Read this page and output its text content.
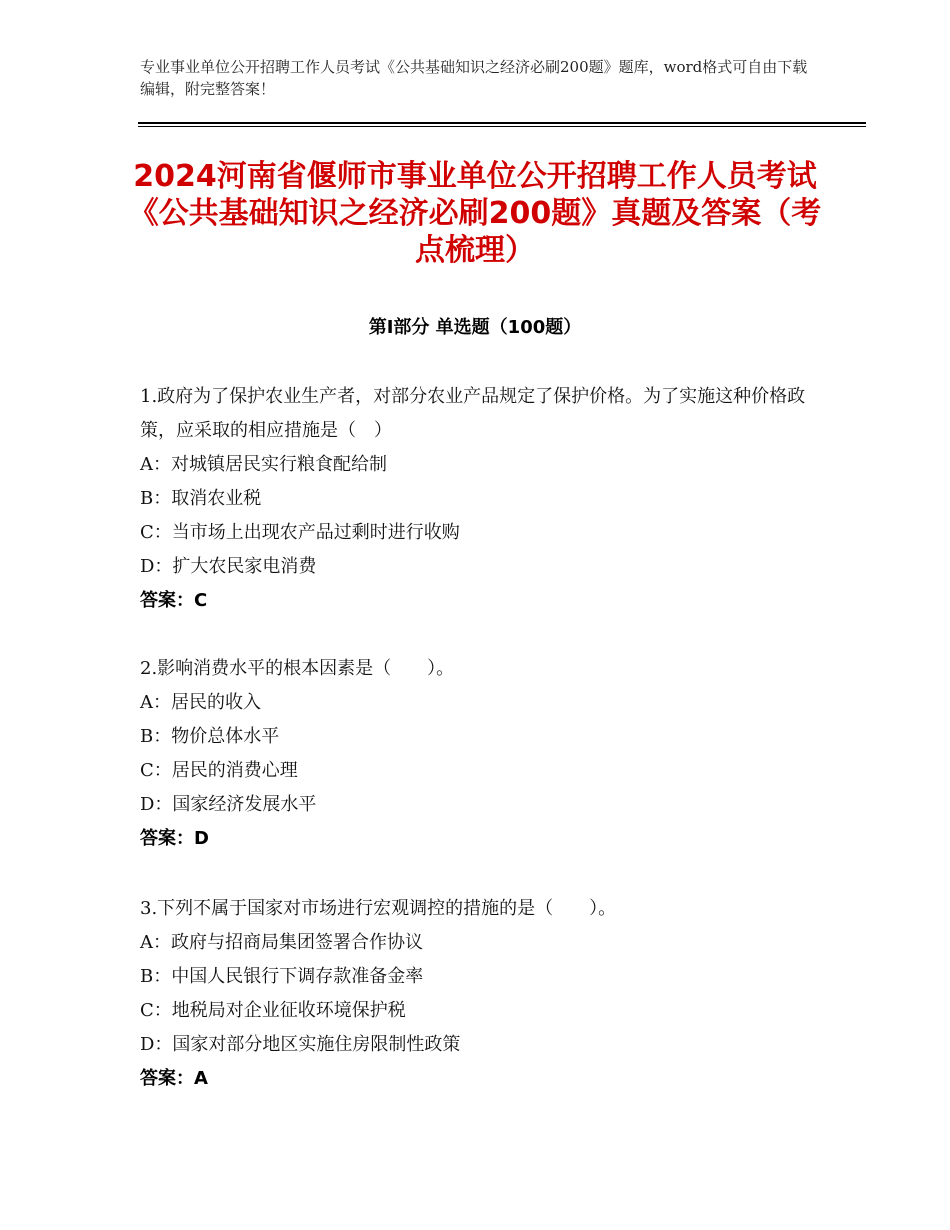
专业事业单位公开招聘工作人员考试《公共基础知识之经济必刷200题》题库，word格式可自由下载编辑，附完整答案！
2024河南省偃师市事业单位公开招聘工作人员考试《公共基础知识之经济必刷200题》真题及答案（考点梳理）
第Ⅰ部分 单选题（100题）

1.政府为了保护农业生产者，对部分农业产品规定了保护价格。为了实施这种价格政策，应采取的相应措施是（　）

A：对城镇居民实行粮食配给制

B：取消农业税

C：当市场上出现农产品过剩时进行收购

D：扩大农民家电消费

答案：C

2.影响消费水平的根本因素是（　　）。

A：居民的收入

B：物价总体水平

C：居民的消费心理

D：国家经济发展水平

答案：D

3.下列不属于国家对市场进行宏观调控的措施的是（　　）。

A：政府与招商局集团签署合作协议

B：中国人民银行下调存款准备金率

C：地税局对企业征收环境保护税

D：国家对部分地区实施住房限制性政策

答案：A
